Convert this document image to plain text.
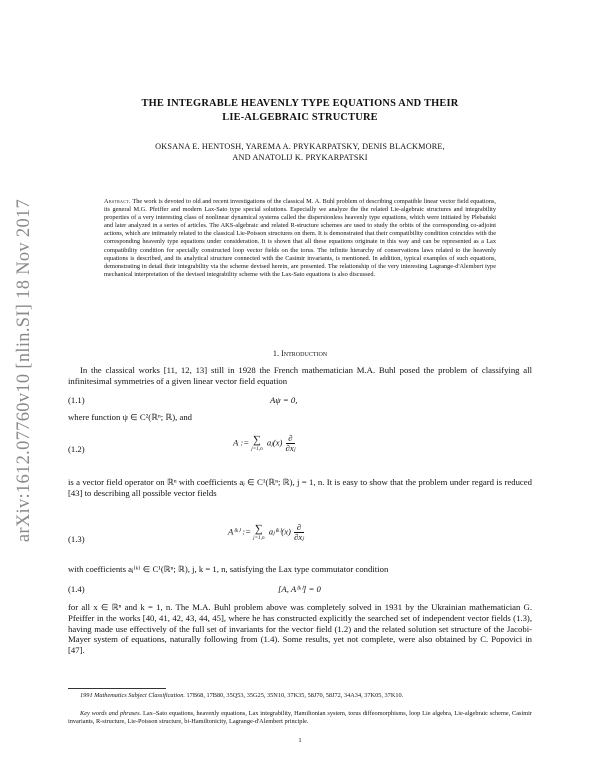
arXiv:1612.07760v10 [nlin.SI] 18 Nov 2017
THE INTEGRABLE HEAVENLY TYPE EQUATIONS AND THEIR
LIE-ALGEBRAIC STRUCTURE
OKSANA E. HENTOSH, YAREMA A. PRYKARPATSKY, DENIS BLACKMORE,
AND ANATOLIJ K. PRYKARPATSKI
Abstract. The work is devoted to old and recent investigations of the classical M. A. Buhl problem of describing compatible linear vector field equations, its general M.G. Pfeiffer and modern Lax-Sato type special solutions. Especially we analyze the the related Lie-algebraic structures and integrability properties of a very interesting class of nonlinear dynamical systems called the dispersionless heavenly type equations, which were initiated by Plebański and later analyzed in a series of articles. The AKS-algebraic and related R-structure schemes are used to study the orbits of the corresponding co-adjoint actions, which are intimately related to the classical Lie-Poisson structures on them. It is demonstrated that their compatibility condition coincides with the corresponding heavenly type equations under consideration. It is shown that all these equations originate in this way and can be represented as a Lax compatibility condition for specially constructed loop vector fields on the torus. The infinite hierarchy of conservations laws related to the heavenly equations is described, and its analytical structure connected with the Casimir invariants, is mentioned. In addition, typical examples of such equations, demonstrating in detail their integrability via the scheme devised herein, are presented. The relationship of the very interesting Lagrange-d'Alembert type mechanical interpretation of the devised integrability scheme with the Lax-Sato equations is also discussed.
1. Introduction
In the classical works [11, 12, 13] still in 1928 the French mathematician M.A. Buhl posed the problem of classifying all infinitesimal symmetries of a given linear vector field equation
(1.1)	Aψ = 0,
where function ψ ∈ C²(ℝⁿ; ℝ), and
(1.2)
A := ∑
j=1,n
aⱼ(x) $\frac{\partial}{\text{∂xⱼ}}$
is a vector field operator on ℝⁿ with coefficients aⱼ ∈ C¹(ℝⁿ; ℝ), j = 1, n. It is easy to show that the problem under regard is reduced [43] to describing all possible vector fields
(1.3)
A⁽ᵏ⁾ := ∑
j=1,n
aⱼ⁽ᵏ⁾(x) $\frac{\partial}{\text{∂xⱼ}}$
with coefficients aⱼ⁽ᵏ⁾ ∈ C¹(ℝⁿ; ℝ), j, k = 1, n, satisfying the Lax type commutator condition
(1.4)	[A, A⁽ᵏ⁾] = 0
for all x ∈ ℝⁿ and k = 1, n. The M.A. Buhl problem above was completely solved in 1931 by the Ukrainian mathematician G. Pfeiffer in the works [40, 41, 42, 43, 44, 45], where he has constructed explicitly the searched set of independent vector fields (1.3), having made use effectively of the full set of invariants for the vector field (1.2) and the related solution set structure of the Jacobi-Mayer system of equations, naturally following from (1.4). Some results, yet not complete, were also obtained by C. Popovici in [47].
1991 Mathematics Subject Classification. 17B68, 17B80, 35Q53, 35G25, 35N10, 37K35, 58J70, 58J72, 34A34, 37K05, 37K10.
Key words and phrases. Lax–Sato equations, heavenly equations, Lax integrability, Hamiltonian system, torus diffeomorphisms, loop Lie algebra, Lie-algebraic scheme, Casimir invariants, R-structure, Lie-Poisson structure, bi-Hamiltonicity, Lagrange-d'Alembert principle.
1
